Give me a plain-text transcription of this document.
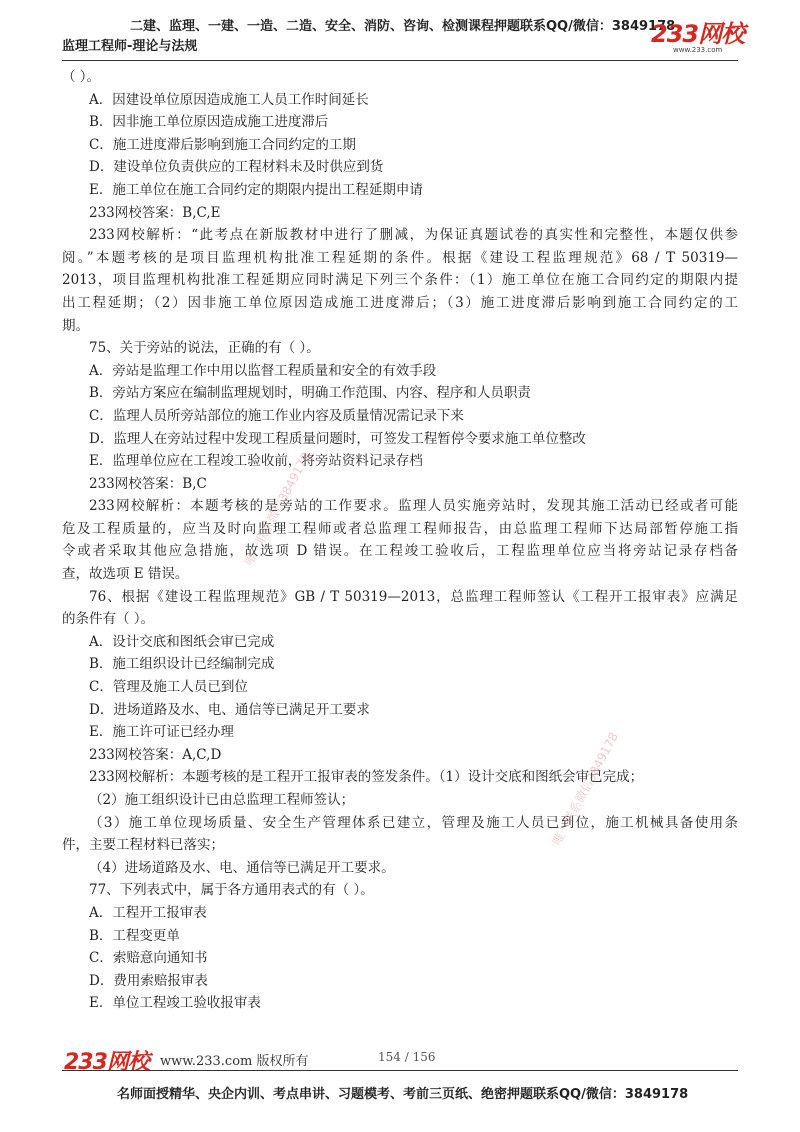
二建、监理、一建、一造、二造、安全、消防、咨询、检测课程押题联系QQ/微信：3849178
监理工程师-理论与法规	233网校
www.233.com
（ ）。
A．因建设单位原因造成施工人员工作时间延长
B．因非施工单位原因造成施工进度滞后
C．施工进度滞后影响到施工合同约定的工期
D．建设单位负责供应的工程材料未及时供应到货
E．施工单位在施工合同约定的期限内提出工程延期申请
233网校答案：B,C,E
233网校解析：“此考点在新版教材中进行了删减，为保证真题试卷的真实性和完整性，本题仅供参
阅。”本题考核的是项目监理机构批准工程延期的条件。根据《建设工程监理规范》68 / T 50319—
2013，项目监理机构批准工程延期应同时满足下列三个条件：（1）施工单位在施工合同约定的期限内提
出工程延期；（2）因非施工单位原因造成施工进度滞后；（3）施工进度滞后影响到施工合同约定的工
期。
75、关于旁站的说法，正确的有（ ）。
A．旁站是监理工作中用以监督工程质量和安全的有效手段
B．旁站方案应在编制监理规划时，明确工作范围、内容、程序和人员职责
C．监理人员所旁站部位的施工作业内容及质量情况需记录下来
D．监理人在旁站过程中发现工程质量问题时，可签发工程暂停令要求施工单位整改
E．监理单位应在工程竣工验收前，将旁站资料记录存档
233网校答案：B,C
233网校解析：本题考核的是旁站的工作要求。监理人员实施旁站时，发现其施工活动已经或者可能
危及工程质量的，应当及时向监理工程师或者总监理工程师报告，由总监理工程师下达局部暂停施工指
令或者采取其他应急措施，故选项 D 错误。在工程竣工验收后，工程监理单位应当将旁站记录存档备
查，故选项 E 错误。
76、根据《建设工程监理规范》GB / T 50319—2013，总监理工程师签认《工程开工报审表》应满足
的条件有（ ）。
A．设计交底和图纸会审已完成
B．施工组织设计已经编制完成
C．管理及施工人员已到位
D．进场道路及水、电、通信等已满足开工要求
E．施工许可证已经办理
233网校答案：A,C,D
233网校解析：本题考核的是工程开工报审表的签发条件。（1）设计交底和图纸会审已完成；
（2）施工组织设计已由总监理工程师签认；
（3）施工单位现场质量、安全生产管理体系已建立，管理及施工人员已到位，施工机械具备使用条
件，主要工程材料已落实；
（4）进场道路及水、电、通信等已满足开工要求。
77、下列表式中，属于各方通用表式的有（ ）。
A．工程开工报审表
B．工程变更单
C．索赔意向通知书
D．费用索赔报审表
E．单位工程竣工验收报审表
唯一联系微信3849178
唯一联系微信3849178
233网校 www.233.com 版权所有	154 / 156
名师面授精华、央企内训、考点串讲、习题模考、考前三页纸、绝密押题联系QQ/微信：3849178
